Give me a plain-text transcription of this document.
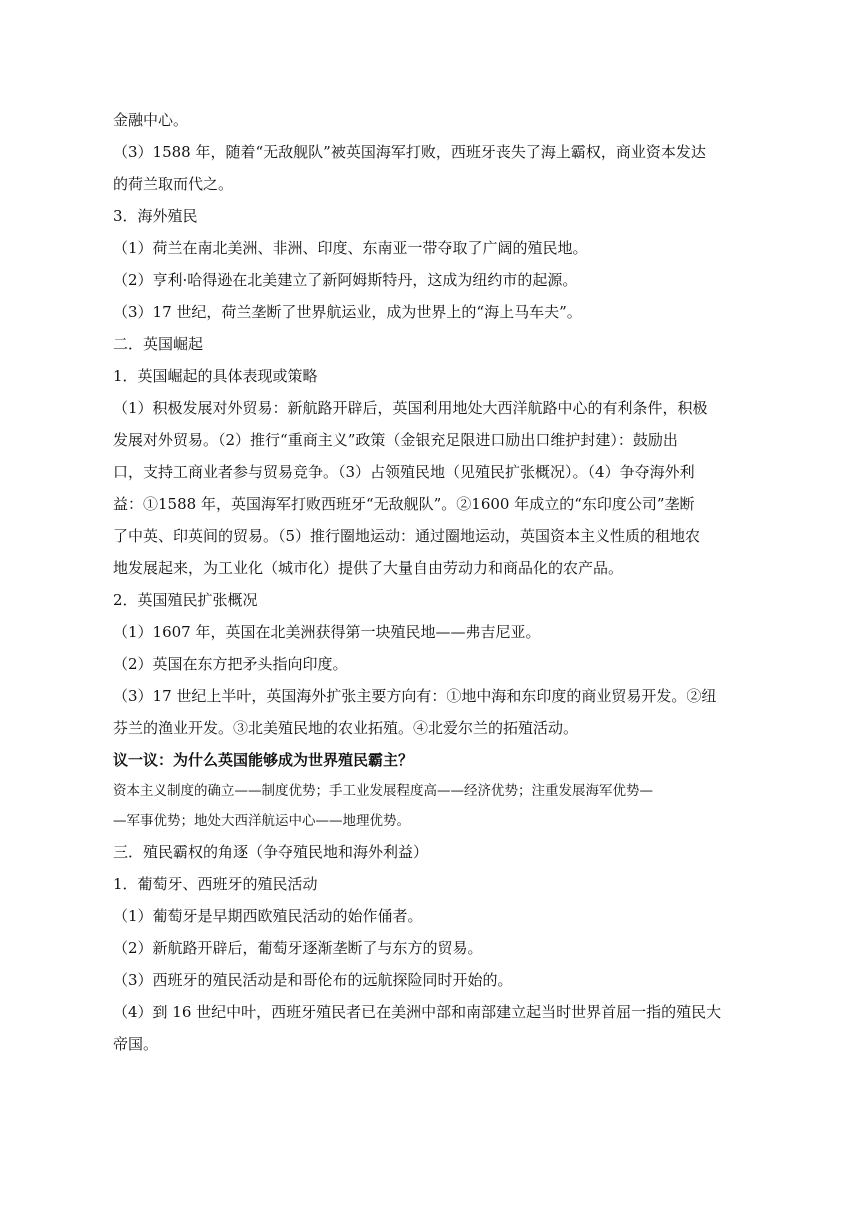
金融中心。

（3）1588 年，随着“无敌舰队”被英国海军打败，西班牙丧失了海上霸权，商业资本发达

的荷兰取而代之。

3．海外殖民

（1）荷兰在南北美洲、非洲、印度、东南亚一带夺取了广阔的殖民地。

（2）亨利·哈得逊在北美建立了新阿姆斯特丹，这成为纽约市的起源。

（3）17 世纪，荷兰垄断了世界航运业，成为世界上的“海上马车夫”。

二．英国崛起

1．英国崛起的具体表现或策略

（1）积极发展对外贸易：新航路开辟后，英国利用地处大西洋航路中心的有利条件，积极

发展对外贸易。（2）推行“重商主义”政策（金银充足限进口励出口维护封建）：鼓励出

口，支持工商业者参与贸易竞争。（3）占领殖民地（见殖民扩张概况）。（4）争夺海外利

益：①1588 年，英国海军打败西班牙“无敌舰队”。②1600 年成立的“东印度公司”垄断

了中英、印英间的贸易。（5）推行圈地运动：通过圈地运动，英国资本主义性质的租地农

地发展起来，为工业化（城市化）提供了大量自由劳动力和商品化的农产品。

2．英国殖民扩张概况

（1）1607 年，英国在北美洲获得第一块殖民地——弗吉尼亚。

（2）英国在东方把矛头指向印度。

（3）17 世纪上半叶，英国海外扩张主要方向有：①地中海和东印度的商业贸易开发。②纽

芬兰的渔业开发。③北美殖民地的农业拓殖。④北爱尔兰的拓殖活动。

议一议：为什么英国能够成为世界殖民霸主？

资本主义制度的确立——制度优势；手工业发展程度高——经济优势；注重发展海军优势—

—军事优势；地处大西洋航运中心——地理优势。

三．殖民霸权的角逐（争夺殖民地和海外利益）

1．葡萄牙、西班牙的殖民活动

（1）葡萄牙是早期西欧殖民活动的始作俑者。

（2）新航路开辟后，葡萄牙逐渐垄断了与东方的贸易。

（3）西班牙的殖民活动是和哥伦布的远航探险同时开始的。

（4）到 16 世纪中叶，西班牙殖民者已在美洲中部和南部建立起当时世界首屈一指的殖民大

帝国。
